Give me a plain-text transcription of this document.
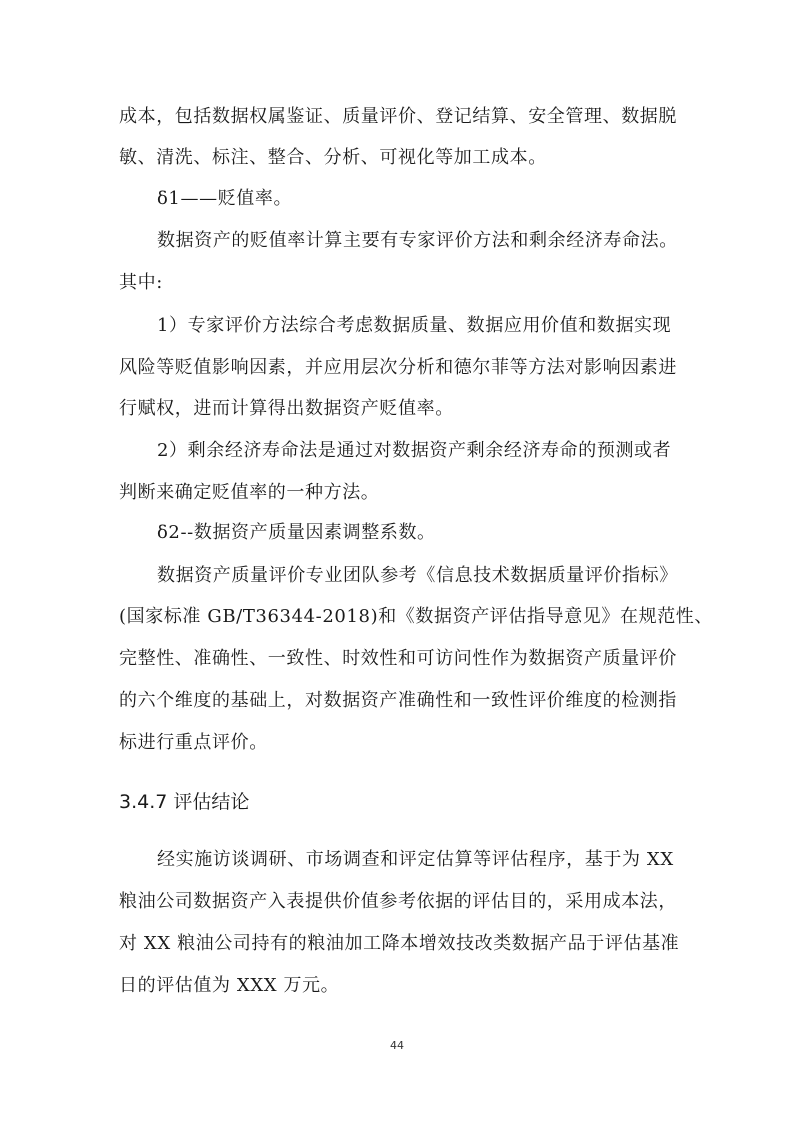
成本，包括数据权属鉴证、质量评价、登记结算、安全管理、数据脱
敏、清洗、标注、整合、分析、可视化等加工成本。
δ1——贬值率。
数据资产的贬值率计算主要有专家评价方法和剩余经济寿命法。
其中:
1）专家评价方法综合考虑数据质量、数据应用价值和数据实现
风险等贬值影响因素，并应用层次分析和德尔菲等方法对影响因素进
行赋权，进而计算得出数据资产贬值率。
2）剩余经济寿命法是通过对数据资产剩余经济寿命的预测或者
判断来确定贬值率的一种方法。
δ2--数据资产质量因素调整系数。
数据资产质量评价专业团队参考《信息技术数据质量评价指标》
(国家标准 GB/T36344-2018)和《数据资产评估指导意见》在规范性、
完整性、准确性、一致性、时效性和可访问性作为数据资产质量评价
的六个维度的基础上，对数据资产准确性和一致性评价维度的检测指
标进行重点评价。
3.4.7 评估结论
经实施访谈调研、市场调查和评定估算等评估程序，基于为 XX
粮油公司数据资产入表提供价值参考依据的评估目的，采用成本法，
对 XX 粮油公司持有的粮油加工降本增效技改类数据产品于评估基准
日的评估值为 XXX 万元。
44
